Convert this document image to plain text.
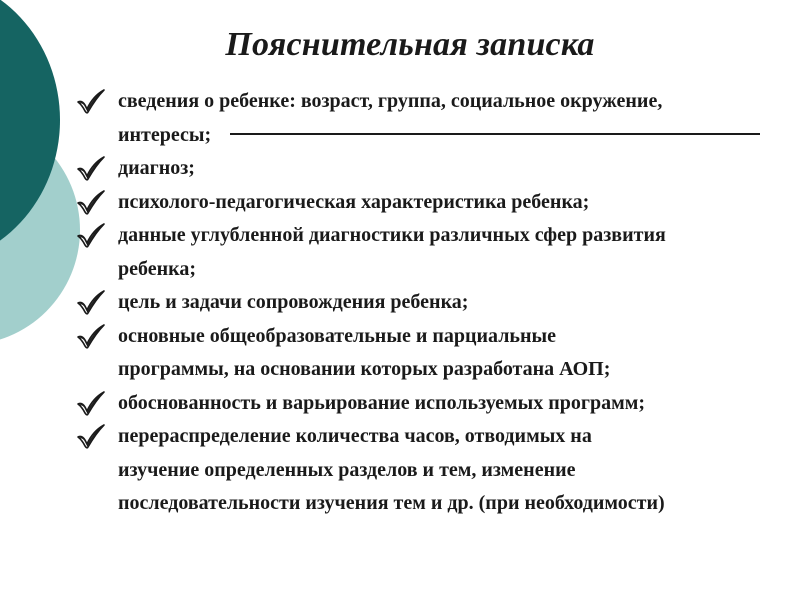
Пояснительная записка
сведения о ребенке: возраст, группа, социальное окружение,
интересы;
диагноз;
психолого-педагогическая характеристика ребенка;
данные углубленной диагностики различных сфер развития
ребенка;
цель и задачи сопровождения ребенка;
основные общеобразовательные и парциальные
программы, на основании которых разработана АОП;
обоснованность и варьирование используемых программ;
перераспределение количества часов, отводимых на
изучение определенных разделов и тем, изменение
последовательности изучения тем и др. (при необходимости)
